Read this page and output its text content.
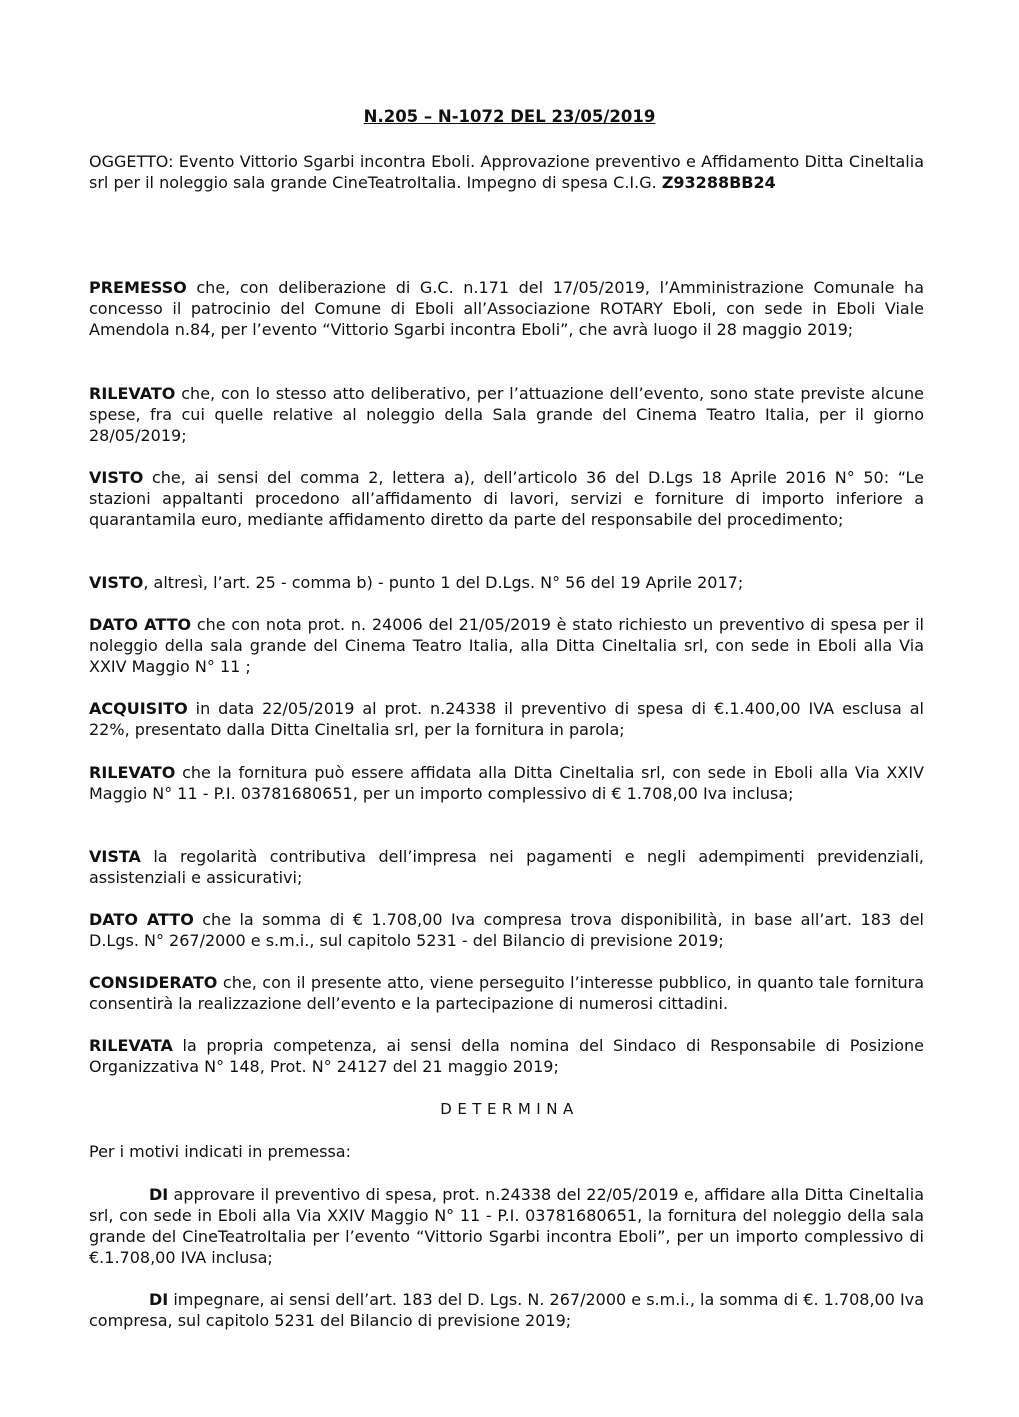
N.205 – N-1072 DEL 23/05/2019
OGGETTO: Evento Vittorio Sgarbi incontra Eboli. Approvazione preventivo e Affidamento Ditta CineItalia srl per il noleggio sala grande CineTeatroItalia. Impegno di spesa C.I.G. Z93288BB24
PREMESSO che, con deliberazione di G.C. n.171 del 17/05/2019, l’Amministrazione Comunale ha concesso il patrocinio del Comune di Eboli all’Associazione ROTARY Eboli, con sede in Eboli Viale Amendola n.84, per l’evento “Vittorio Sgarbi incontra Eboli”, che avrà luogo il 28 maggio 2019;
RILEVATO che, con lo stesso atto deliberativo, per l’attuazione dell’evento, sono state previste alcune spese, fra cui quelle relative al noleggio della Sala grande del Cinema Teatro Italia, per il giorno 28/05/2019;
VISTO che, ai sensi del comma 2, lettera a), dell’articolo 36 del D.Lgs 18 Aprile 2016 N° 50: “Le stazioni appaltanti procedono all’affidamento di lavori, servizi e forniture di importo inferiore a quarantamila euro, mediante affidamento diretto da parte del responsabile del procedimento;
VISTO, altresì, l’art. 25 - comma b) - punto 1 del D.Lgs. N° 56 del 19 Aprile 2017;
DATO ATTO che con nota prot. n. 24006 del 21/05/2019 è stato richiesto un preventivo di spesa per il noleggio della sala grande del Cinema Teatro Italia, alla Ditta CineItalia srl, con sede in Eboli alla Via XXIV Maggio N° 11 ;
ACQUISITO in data 22/05/2019 al prot. n.24338 il preventivo di spesa di €.1.400,00 IVA esclusa al 22%, presentato dalla Ditta CineItalia srl, per la fornitura in parola;
RILEVATO che la fornitura può essere affidata alla Ditta CineItalia srl, con sede in Eboli alla Via XXIV Maggio N° 11 - P.I. 03781680651, per un importo complessivo di € 1.708,00 Iva inclusa;
VISTA la regolarità contributiva dell’impresa nei pagamenti e negli adempimenti previdenziali, assistenziali e assicurativi;
DATO ATTO che la somma di € 1.708,00 Iva compresa trova disponibilità, in base all’art. 183 del D.Lgs. N° 267/2000 e s.m.i., sul capitolo 5231 - del Bilancio di previsione 2019;
CONSIDERATO che, con il presente atto, viene perseguito l’interesse pubblico, in quanto tale fornitura consentirà la realizzazione dell’evento e la partecipazione di numerosi cittadini.
RILEVATA la propria competenza, ai sensi della nomina del Sindaco di Responsabile di Posizione Organizzativa N° 148, Prot. N° 24127 del 21 maggio 2019;
DETERMINA
Per i motivi indicati in premessa:
DI approvare il preventivo di spesa, prot. n.24338 del 22/05/2019 e, affidare alla Ditta CineItalia srl, con sede in Eboli alla Via XXIV Maggio N° 11 - P.I. 03781680651, la fornitura del noleggio della sala grande del CineTeatroItalia per l’evento “Vittorio Sgarbi incontra Eboli”, per un importo complessivo di €.1.708,00 IVA inclusa;
DI impegnare, ai sensi dell’art. 183 del D. Lgs. N. 267/2000 e s.m.i., la somma di €. 1.708,00 Iva compresa, sul capitolo 5231 del Bilancio di previsione 2019;
